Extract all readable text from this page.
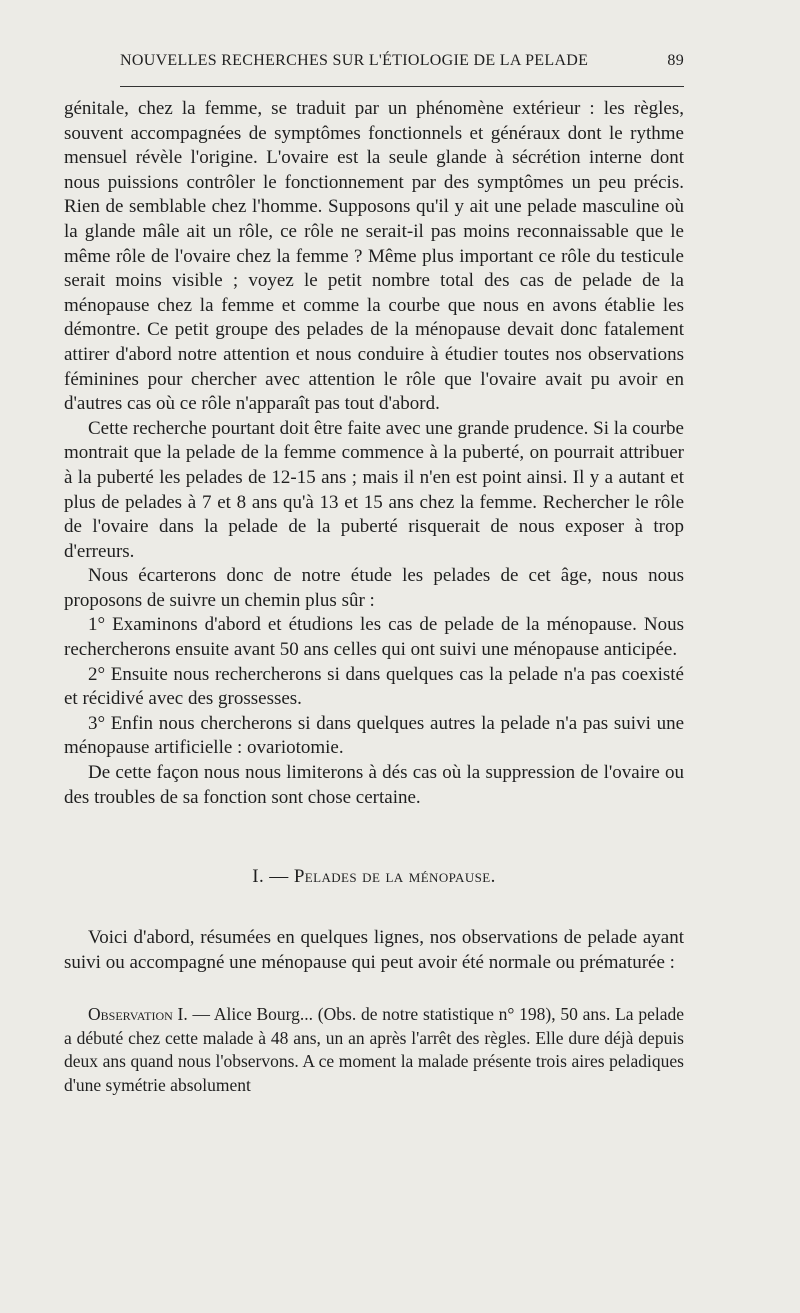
NOUVELLES RECHERCHES SUR L'ÉTIOLOGIE DE LA PELADE	89

génitale, chez la femme, se traduit par un phénomène extérieur : les règles, souvent accompagnées de symptômes fonctionnels et généraux dont le rythme mensuel révèle l'origine. L'ovaire est la seule glande à sécrétion interne dont nous puissions contrôler le fonctionnement par des symptômes un peu précis. Rien de semblable chez l'homme. Supposons qu'il y ait une pelade masculine où la glande mâle ait un rôle, ce rôle ne serait-il pas moins reconnaissable que le même rôle de l'ovaire chez la femme ? Même plus important ce rôle du testicule serait moins visible ; voyez le petit nombre total des cas de pelade de la ménopause chez la femme et comme la courbe que nous en avons établie les démontre. Ce petit groupe des pelades de la ménopause devait donc fatalement attirer d'abord notre attention et nous conduire à étudier toutes nos observations féminines pour chercher avec attention le rôle que l'ovaire avait pu avoir en d'autres cas où ce rôle n'apparaît pas tout d'abord.

Cette recherche pourtant doit être faite avec une grande prudence. Si la courbe montrait que la pelade de la femme commence à la puberté, on pourrait attribuer à la puberté les pelades de 12-15 ans ; mais il n'en est point ainsi. Il y a autant et plus de pelades à 7 et 8 ans qu'à 13 et 15 ans chez la femme. Rechercher le rôle de l'ovaire dans la pelade de la puberté risquerait de nous exposer à trop d'erreurs.

Nous écarterons donc de notre étude les pelades de cet âge, nous nous proposons de suivre un chemin plus sûr :

1° Examinons d'abord et étudions les cas de pelade de la ménopause. Nous rechercherons ensuite avant 50 ans celles qui ont suivi une ménopause anticipée.

2° Ensuite nous rechercherons si dans quelques cas la pelade n'a pas coexisté et récidivé avec des grossesses.

3° Enfin nous chercherons si dans quelques autres la pelade n'a pas suivi une ménopause artificielle : ovariotomie.

De cette façon nous nous limiterons à dés cas où la suppression de l'ovaire ou des troubles de sa fonction sont chose certaine.

I. — Pelades de la ménopause.

Voici d'abord, résumées en quelques lignes, nos observations de pelade ayant suivi ou accompagné une ménopause qui peut avoir été normale ou prématurée :

Observation I. — Alice Bourg... (Obs. de notre statistique n° 198), 50 ans. La pelade a débuté chez cette malade à 48 ans, un an après l'arrêt des règles. Elle dure déjà depuis deux ans quand nous l'observons. A ce moment la malade présente trois aires peladiques d'une symétrie absolument
